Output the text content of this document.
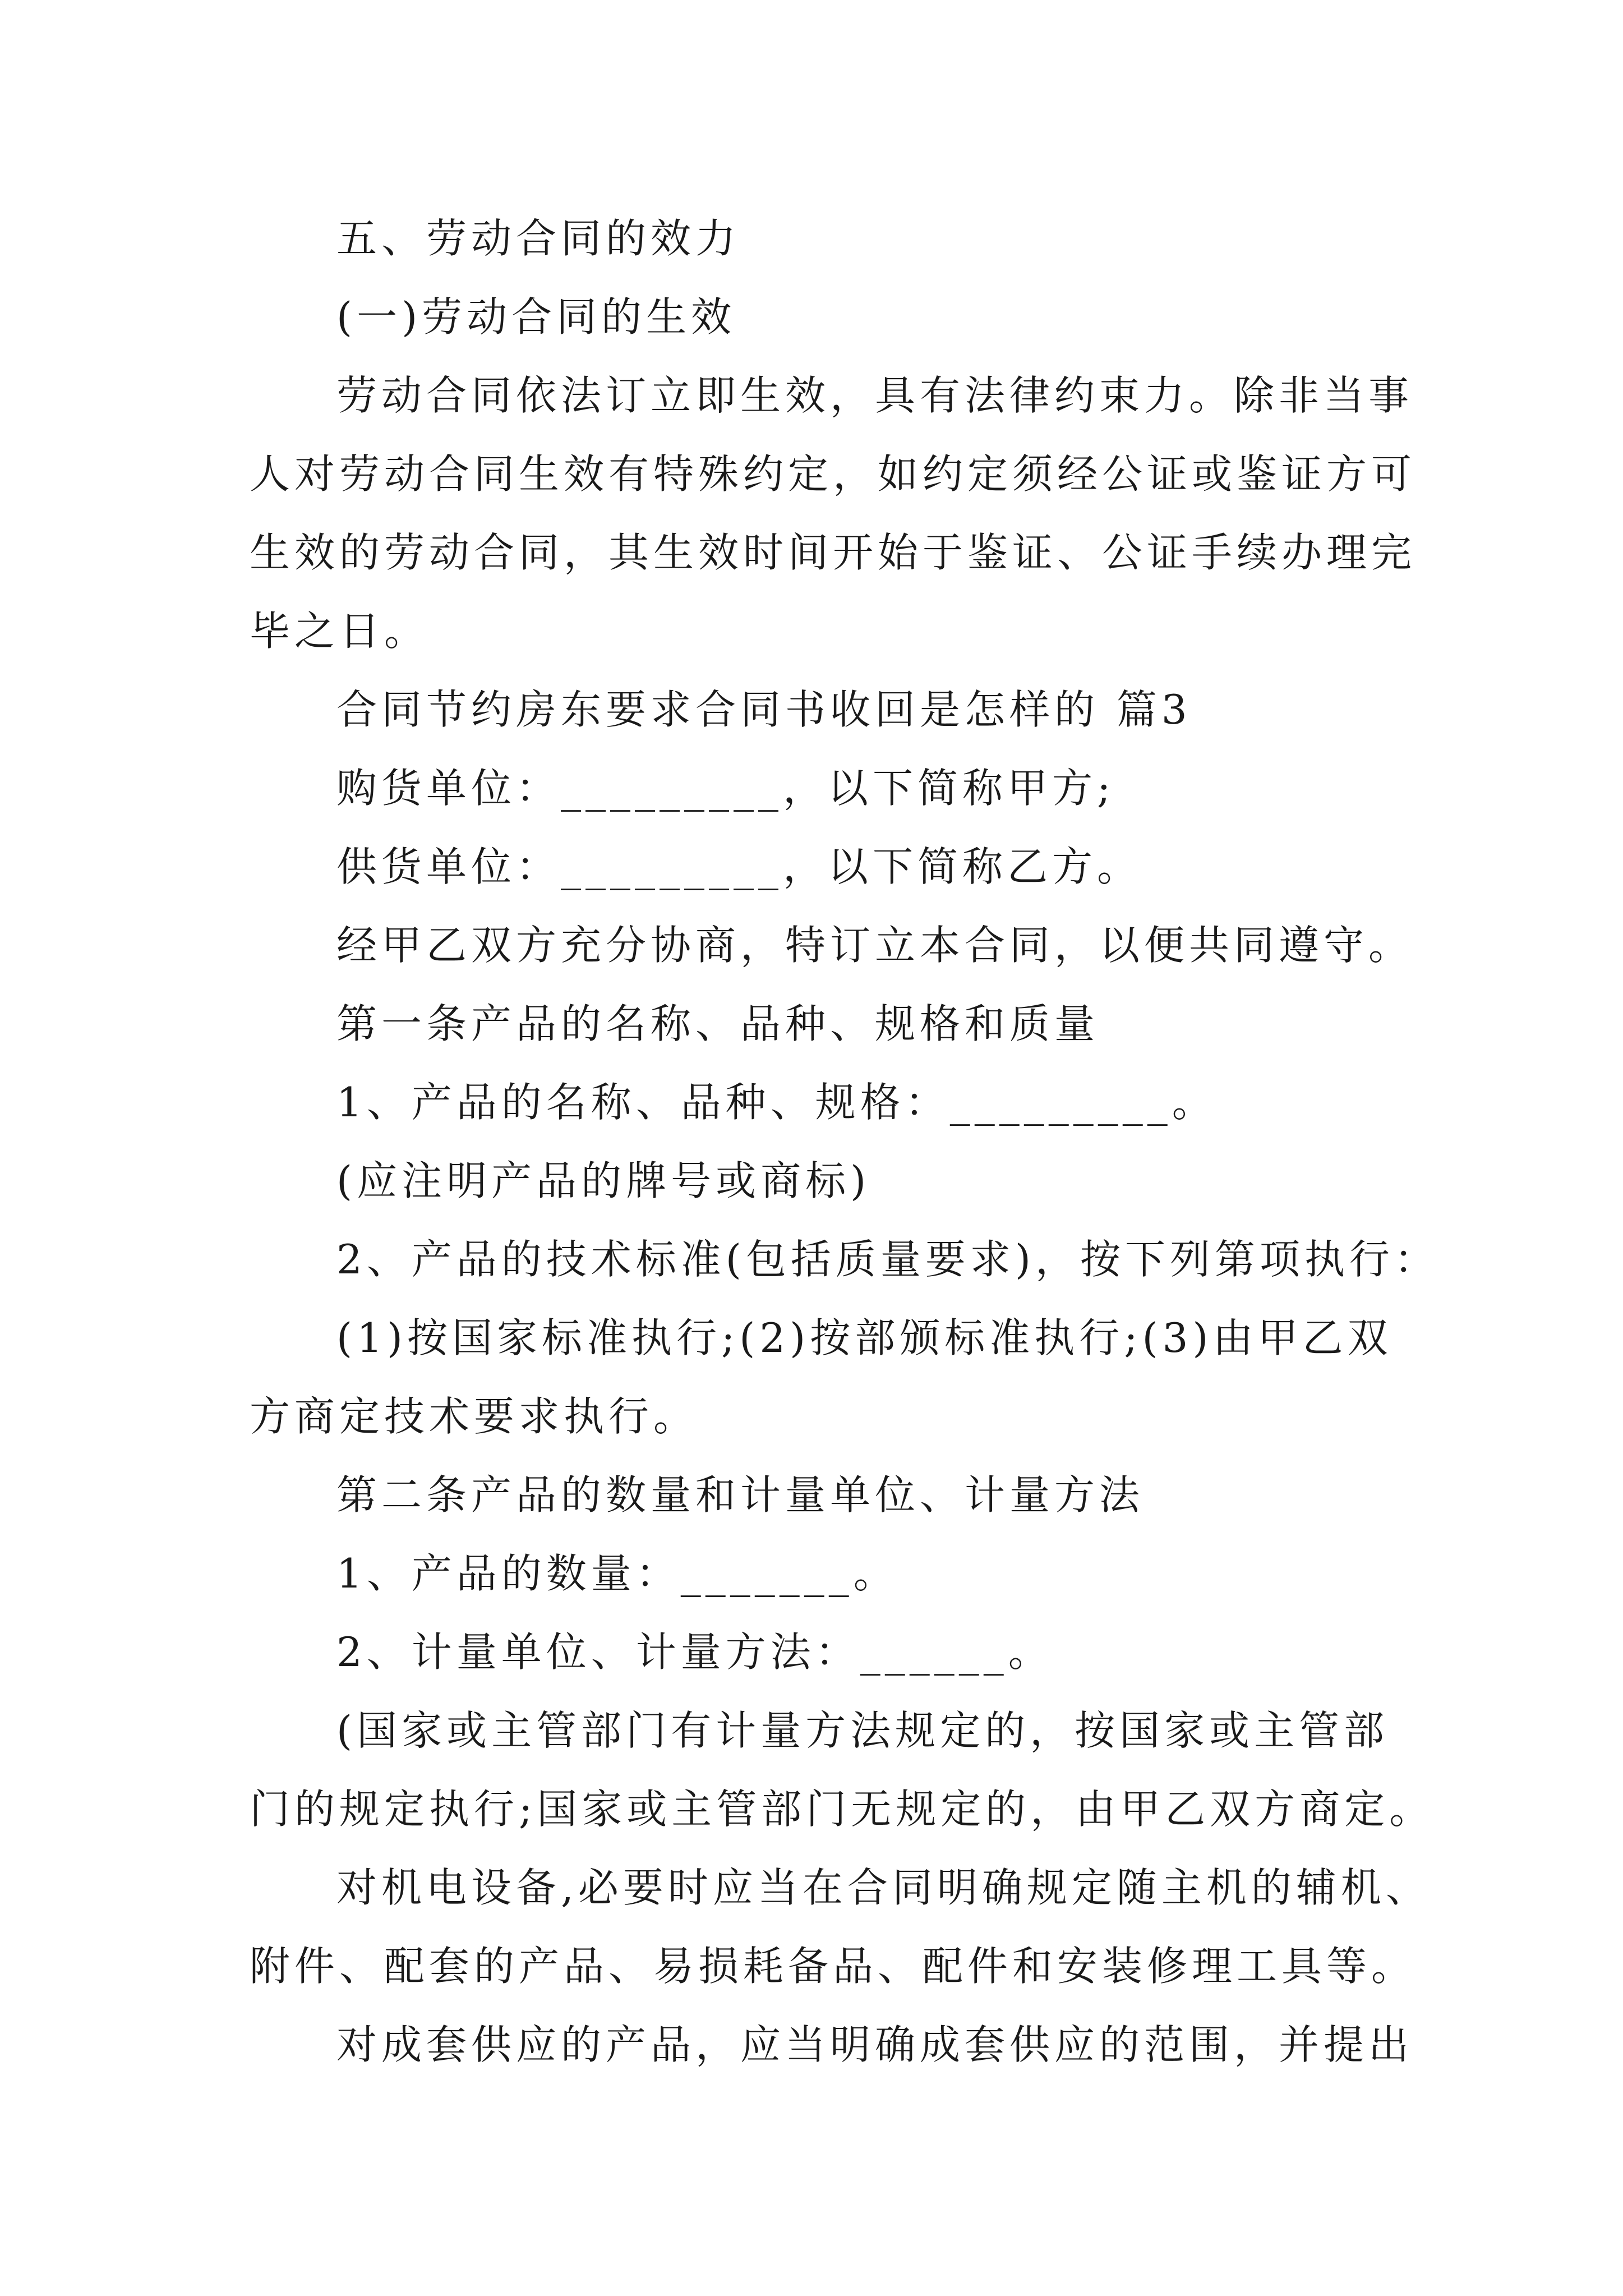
五、劳动合同的效力
(一)劳动合同的生效
劳动合同依法订立即生效，具有法律约束力。除非当事
人对劳动合同生效有特殊约定，如约定须经公证或鉴证方可
生效的劳动合同，其生效时间开始于鉴证、公证手续办理完
毕之日。
合同节约房东要求合同书收回是怎样的 篇3
购货单位：_________，以下简称甲方;
供货单位：_________，以下简称乙方。
经甲乙双方充分协商，特订立本合同，以便共同遵守。
第一条产品的名称、品种、规格和质量
1、产品的名称、品种、规格：_________。
(应注明产品的牌号或商标)
2、产品的技术标准(包括质量要求)，按下列第项执行：
(1)按国家标准执行;(2)按部颁标准执行;(3)由甲乙双
方商定技术要求执行。
第二条产品的数量和计量单位、计量方法
1、产品的数量：_______。
2、计量单位、计量方法：______。
(国家或主管部门有计量方法规定的，按国家或主管部
门的规定执行;国家或主管部门无规定的，由甲乙双方商定。
对机电设备,必要时应当在合同明确规定随主机的辅机、
附件、配套的产品、易损耗备品、配件和安装修理工具等。
对成套供应的产品，应当明确成套供应的范围，并提出
